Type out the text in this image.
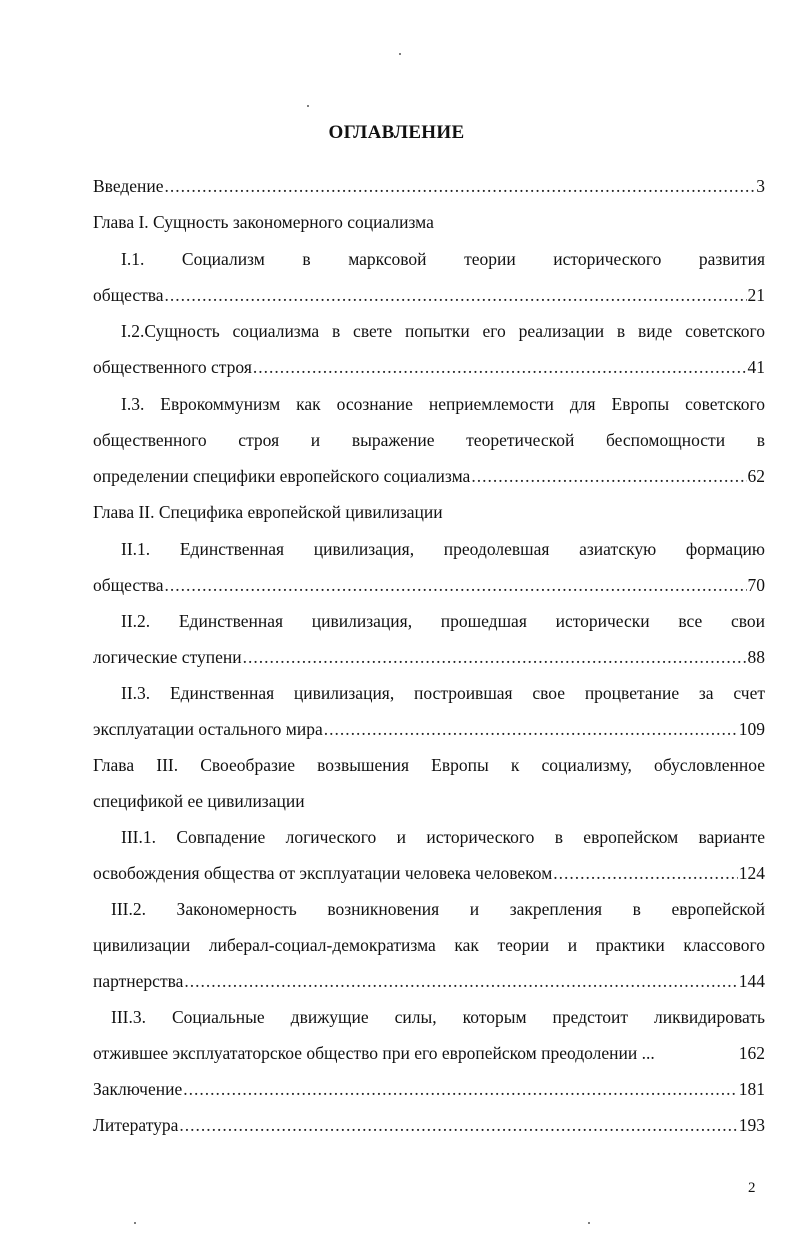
ОГЛАВЛЕНИЕ
Введение .....	3
Глава I. Сущность закономерного социализма
I.1. Социализм в марксовой теории исторического развития
общества .....	21
I.2.Сущность социализма в свете попытки его реализации в виде советского
общественного строя .....	41
I.3. Еврокоммунизм как осознание неприемлемости для Европы советского
общественного строя и выражение теоретической беспомощности в
определении специфики европейского социализма .....	62
Глава II. Специфика европейской цивилизации
II.1. Единственная цивилизация, преодолевшая азиатскую формацию
общества .....	70
II.2. Единственная цивилизация, прошедшая исторически все свои
логические ступени .....	88
II.3. Единственная цивилизация, построившая свое процветание за счет
эксплуатации остального мира .....	109
Глава III. Своеобразие возвышения Европы к социализму, обусловленное
спецификой ее цивилизации
III.1. Совпадение логического и исторического в европейском варианте
освобождения общества от эксплуатации человека человеком .....	124
III.2. Закономерность возникновения и закрепления в европейской
цивилизации либерал-социал-демократизма как теории и практики классового
партнерства .....	144
III.3. Социальные движущие силы, которым предстоит ликвидировать
отжившее эксплуататорское общество при его европейском преодолении ...	162
Заключение .....	181
Литература .....	193
2
